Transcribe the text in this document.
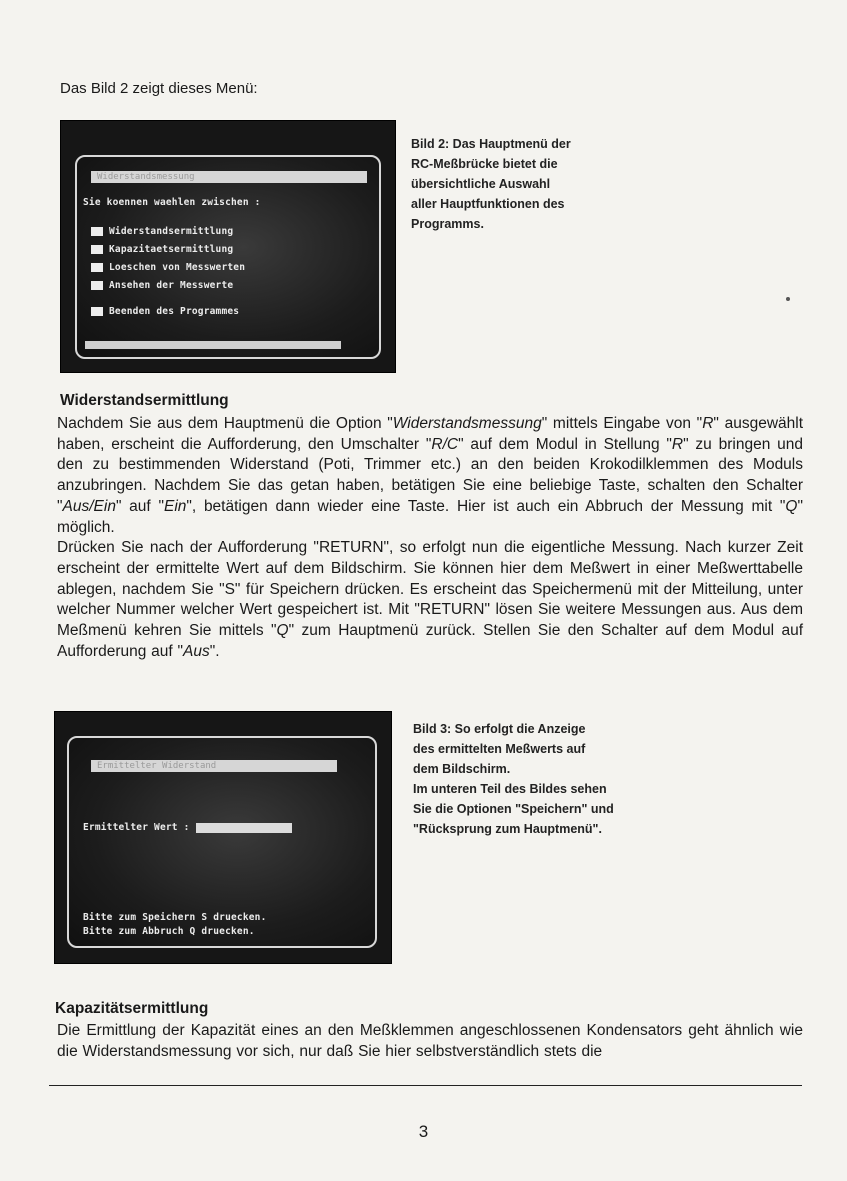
Das Bild 2 zeigt dieses Menü:
Widerstandsmessung
Sie koennen waehlen zwischen :
Widerstandsermittlung
Kapazitaetsermittlung
Loeschen von Messwerten
Ansehen der Messwerte
Beenden des Programmes
Bild 2: Das Hauptmenü der
RC-Meßbrücke bietet die
übersichtliche Auswahl
aller Hauptfunktionen des
Programms.
Widerstandsermittlung
Nachdem Sie aus dem Hauptmenü die Option "Widerstandsmessung" mittels Eingabe von "R" ausgewählt haben, erscheint die Aufforderung, den Umschalter "R/C" auf dem Modul in Stellung "R" zu bringen und den zu bestimmenden Widerstand (Poti, Trimmer etc.) an den beiden Krokodilklemmen des Moduls anzubringen. Nachdem Sie das getan haben, betätigen Sie eine beliebige Taste, schalten den Schalter "Aus/Ein" auf "Ein", betätigen dann wieder eine Taste. Hier ist auch ein Abbruch der Messung mit "Q" möglich.
Drücken Sie nach der Aufforderung "RETURN", so erfolgt nun die eigentliche Messung. Nach kurzer Zeit erscheint der ermittelte Wert auf dem Bildschirm. Sie können hier dem Meßwert in einer Meßwerttabelle ablegen, nachdem Sie "S" für Speichern drücken. Es erscheint das Speichermenü mit der Mitteilung, unter welcher Nummer welcher Wert gespeichert ist. Mit "RETURN" lösen Sie weitere Messungen aus. Aus dem Meßmenü kehren Sie mittels "Q" zum Hauptmenü zurück. Stellen Sie den Schalter auf dem Modul auf Aufforderung auf "Aus".
Ermittelter Widerstand
Ermittelter Wert :
Bitte zum Speichern S druecken.
Bitte zum Abbruch Q druecken.
Bild 3: So erfolgt die Anzeige
des ermittelten Meßwerts auf
dem Bildschirm.
Im unteren Teil des Bildes sehen
Sie die Optionen "Speichern" und
"Rücksprung zum Hauptmenü".
Kapazitätsermittlung
Die Ermittlung der Kapazität eines an den Meßklemmen angeschlossenen Kondensators geht ähnlich wie die Widerstandsmessung vor sich, nur daß Sie hier selbstverständlich stets die
3
